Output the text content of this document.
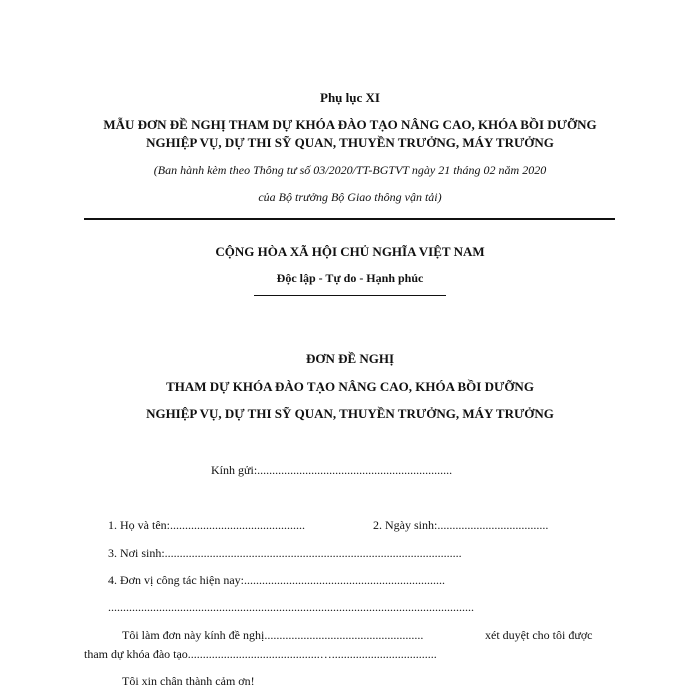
Phụ lục XI
MẪU ĐƠN ĐỀ NGHỊ THAM DỰ KHÓA ĐÀO TẠO NÂNG CAO, KHÓA BỒI DƯỠNG
NGHIỆP VỤ, DỰ THI SỸ QUAN, THUYỀN TRƯỞNG, MÁY TRƯỞNG
(Ban hành kèm theo Thông tư số 03/2020/TT-BGTVT ngày 21 tháng 02 năm 2020
của Bộ trưởng Bộ Giao thông vận tải)
CỘNG HÒA XÃ HỘI CHỦ NGHĨA VIỆT NAM
Độc lập - Tự do - Hạnh phúc
ĐƠN ĐỀ NGHỊ
THAM DỰ KHÓA ĐÀO TẠO NÂNG CAO, KHÓA BỒI DƯỠNG
NGHIỆP VỤ, DỰ THI SỸ QUAN, THUYỀN TRƯỞNG, MÁY TRƯỞNG
Kính gửi:.................................................................
1. Họ và tên:.............................................	2. Ngày sinh:.....................................
3. Nơi sinh:...................................................................................................
4. Đơn vị công tác hiện nay:...................................................................
..........................................................................................................................
Tôi làm đơn này kính đề nghị.....................................................	xét duyệt cho tôi được
tham dự khóa đào tạo............................................…...................................
Tôi xin chân thành cảm ơn!
